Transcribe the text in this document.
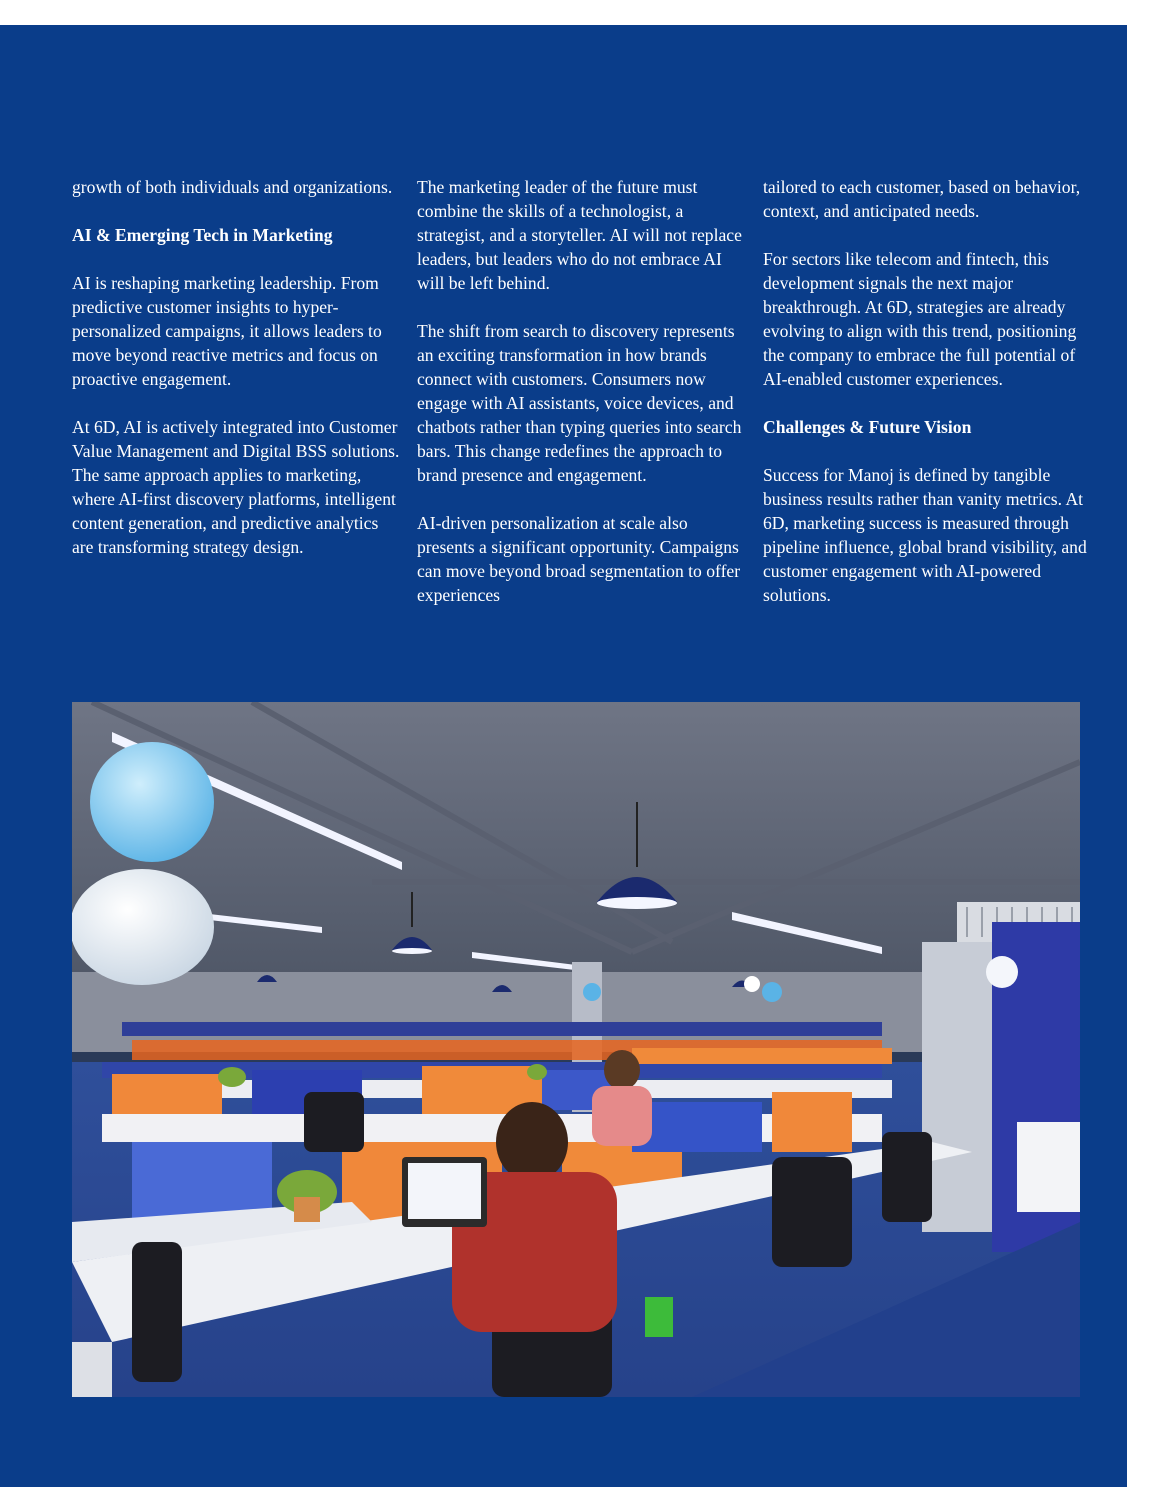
growth of both individuals and organizations.

AI & Emerging Tech in Marketing

AI is reshaping marketing leadership. From predictive customer insights to hyper-personalized campaigns, it allows leaders to move beyond reactive metrics and focus on proactive engagement.

At 6D, AI is actively integrated into Customer Value Management and Digital BSS solutions. The same approach applies to marketing, where AI-first discovery platforms, intelligent content generation, and predictive analytics are transforming strategy design.

The marketing leader of the future must combine the skills of a technologist, a strategist, and a storyteller. AI will not replace leaders, but leaders who do not embrace AI will be left behind.

The shift from search to discovery represents an exciting transformation in how brands connect with customers. Consumers now engage with AI assistants, voice devices, and chatbots rather than typing queries into search bars. This change redefines the approach to brand presence and engagement.

AI-driven personalization at scale also presents a significant opportunity. Campaigns can move beyond broad segmentation to offer experiences

tailored to each customer, based on behavior, context, and anticipated needs.

For sectors like telecom and fintech, this development signals the next major breakthrough. At 6D, strategies are already evolving to align with this trend, positioning the company to embrace the full potential of AI-enabled customer experiences.

Challenges & Future Vision

Success for Manoj is defined by tangible business results rather than vanity metrics. At 6D, marketing success is measured through pipeline influence, global brand visibility, and customer engagement with AI-powered solutions.
